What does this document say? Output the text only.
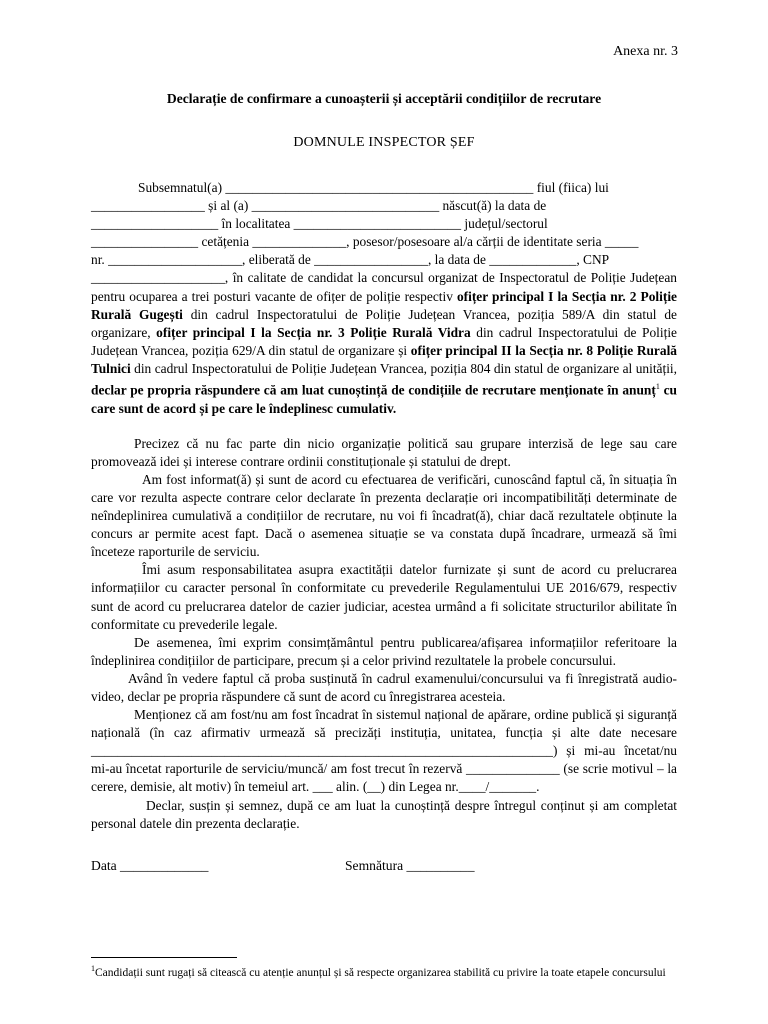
Anexa nr. 3
Declarație de confirmare a cunoașterii și acceptării condițiilor de recrutare
DOMNULE INSPECTOR ȘEF

Subsemnatul(a) ______________________________________________ fiul (fiica) lui
_________________ și al (a) ____________________________ născut(ă) la data de
___________________ în localitatea _________________________ județul/sectorul
________________ cetățenia ______________, posesor/posesoare al/a cărții de identitate seria _____
nr. ____________________, eliberată de _________________, la data de _____________, CNP
____________________, în calitate de candidat la concursul organizat de Inspectoratul de Poliție Județean pentru ocuparea a trei posturi vacante de ofițer de poliție respectiv ofițer principal I la Secția nr. 2 Poliție Rurală Gugești din cadrul Inspectoratului de Poliție Județean Vrancea, poziția 589/A din statul de organizare, ofițer principal I la Secția nr. 3 Poliție Rurală Vidra din cadrul Inspectoratului de Poliție Județean Vrancea, poziția 629/A din statul de organizare și ofițer principal II la Secția nr. 8 Poliție Rurală Tulnici din cadrul Inspectoratului de Poliție Județean Vrancea, poziția 804 din statul de organizare al unității, declar pe propria răspundere că am luat cunoștință de condițiile de recrutare menționate în anunț$^1$ cu care sunt de acord și pe care le îndeplinesc cumulativ.

Precizez că nu fac parte din nicio organizație politică sau grupare interzisă de lege sau care promovează idei și interese contrare ordinii constituționale și statului de drept.

Am fost informat(ă) și sunt de acord cu efectuarea de verificări, cunoscând faptul că, în situația în care vor rezulta aspecte contrare celor declarate în prezenta declarație ori incompatibilități determinate de neîndeplinirea cumulativă a condițiilor de recrutare, nu voi fi încadrat(ă), chiar dacă rezultatele obținute la concurs ar permite acest fapt. Dacă o asemenea situație se va constata după încadrare, urmează să îmi înceteze raporturile de serviciu.

Îmi asum responsabilitatea asupra exactității datelor furnizate și sunt de acord cu prelucrarea informațiilor cu caracter personal în conformitate cu prevederile Regulamentului UE 2016/679, respectiv sunt de acord cu prelucrarea datelor de cazier judiciar, acestea urmând a fi solicitate structurilor abilitate în conformitate cu prevederile legale.

De asemenea, îmi exprim consimțământul pentru publicarea/afișarea informațiilor referitoare la îndeplinirea condițiilor de participare, precum și a celor privind rezultatele la probele concursului.

Având în vedere faptul că proba susținută în cadrul examenului/concursului va fi înregistrată audio-video, declar pe propria răspundere că sunt de acord cu înregistrarea acesteia.

Menționez că am fost/nu am fost încadrat în sistemul național de apărare, ordine publică și siguranță națională (în caz afirmativ urmează să precizăți instituția, unitatea, funcția și alte date necesare _____________________________________________________________________) și mi-au încetat/nu mi-au încetat raporturile de serviciu/muncă/ am fost trecut în rezervă ______________ (se scrie motivul – la cerere, demisie, alt motiv) în temeiul art. ___ alin. (__) din Legea nr.____/_______.

Declar, susțin și semnez, după ce am luat la cunoștință despre întregul conținut și am completat personal datele din prezenta declarație.

Data _____________	Semnătura __________
$^1$Candidații sunt rugați să citească cu atenție anunțul și să respecte organizarea stabilită cu privire la toate etapele concursului
